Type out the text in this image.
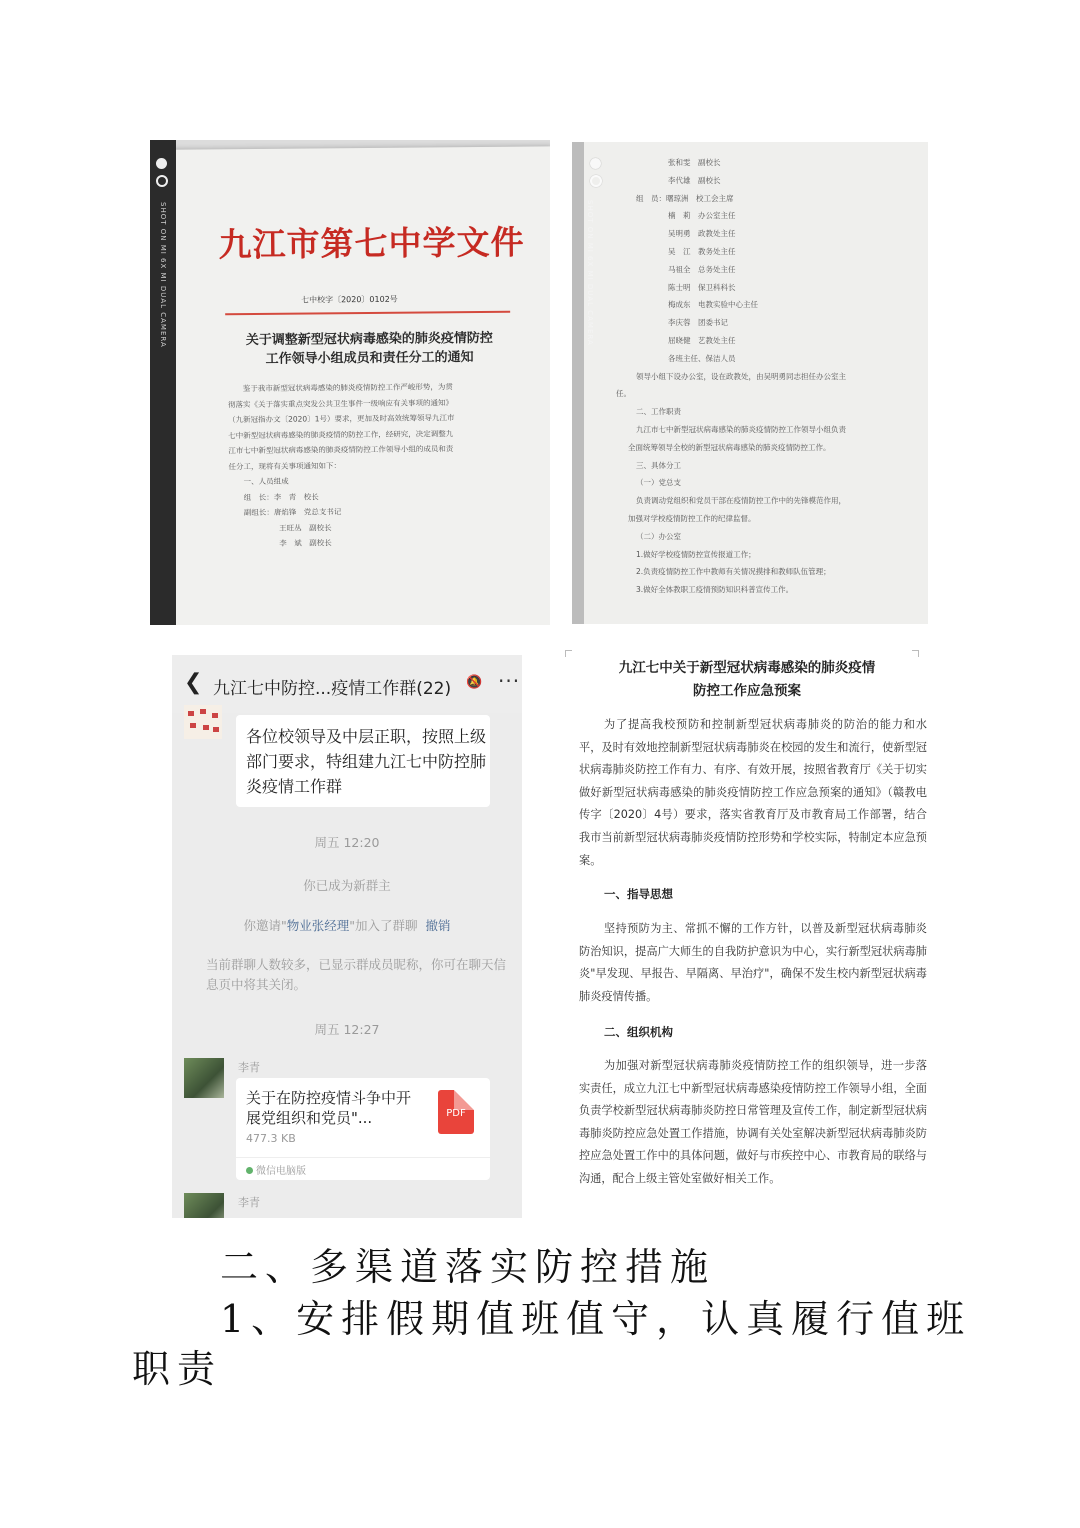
九江市第七中学文件
七中校字〔2020〕0102号
关于调整新型冠状病毒感染的肺炎疫情防控
工作领导小组成员和责任分工的通知
鉴于我市新型冠状病毒感染的肺炎疫情防控工作严峻形势，为贯
彻落实《关于落实重点突发公共卫生事件一级响应有关事项的通知》
（九新冠指办文〔2020〕1号）要求，更加及时高效统筹领导九江市
七中新型冠状病毒感染的肺炎疫情的防控工作，经研究，决定调整九
江市七中新型冠状病毒感染的肺炎疫情防控工作领导小组的成员和责
任分工，现将有关事项通知如下：
一、人员组成
组　长：李　青　校长
副组长：唐焰锋　党总支书记
王旺丛　副校长
李　斌　副校长
SHOT ON MI 6X MI DUAL CAMERA
张和雯　副校长
李代雄　副校长
组　员：曙琼洲　校工会主席
楠　莉　办公室主任
吴明勇　政教处主任
吴　江　教务处主任
马祖全　总务处主任
陈士明　保卫科科长
梅成东　电教实验中心主任
李庆蓉　团委书记
屈晓健　艺教处主任
各班主任、保洁人员
领导小组下设办公室，设在政教处，由吴明勇同志担任办公室主
任。
二、工作职责
九江市七中新型冠状病毒感染的肺炎疫情防控工作领导小组负责
全面统筹领导全校的新型冠状病毒感染的肺炎疫情防控工作。
三、具体分工
（一）党总支
负责调动党组织和党员干部在疫情防控工作中的先锋模范作用，
加强对学校疫情防控工作的纪律监督。
（二）办公室
1.做好学校疫情防控宣传报道工作；
2.负责疫情防控工作中教师有关情况摸排和教师队伍管理；
3.做好全体教职工疫情预防知识科普宣传工作。
SHOT ON MI 6X MI DUAL CAMERA
❮ 九江七中防控...疫情工作群(22) 🔕 ···
各位校领导及中层正职，按照上级部门要求，特组建九江七中防控肺炎疫情工作群
周五 12:20
你已成为新群主
你邀请"物业张经理"加入了群聊 撤销
当前群聊人数较多，已显示群成员昵称，你可在聊天信息页中将其关闭。
周五 12:27
李青
关于在防控疫情斗争中开展党组织和党员"...
477.3 KB
PDF
微信电脑版
李青
九江七中关于新型冠状病毒感染的肺炎疫情
防控工作应急预案
为了提高我校预防和控制新型冠状病毒肺炎的防治的能力和水平，及时有效地控制新型冠状病毒肺炎在校园的发生和流行，使新型冠状病毒肺炎防控工作有力、有序、有效开展，按照省教育厅《关于切实做好新型冠状病毒感染的肺炎疫情防控工作应急预案的通知》（赣教电传字〔2020〕4号）要求，落实省教育厅及市教育局工作部署，结合我市当前新型冠状病毒肺炎疫情防控形势和学校实际，特制定本应急预案。
一、指导思想
坚持预防为主、常抓不懈的工作方针，以普及新型冠状病毒肺炎防治知识，提高广大师生的自我防护意识为中心，实行新型冠状病毒肺炎"早发现、早报告、早隔离、早治疗"，确保不发生校内新型冠状病毒肺炎疫情传播。
二、组织机构
为加强对新型冠状病毒肺炎疫情防控工作的组织领导，进一步落实责任，成立九江七中新型冠状病毒感染疫情防控工作领导小组，全面负责学校新型冠状病毒肺炎防控日常管理及宣传工作，制定新型冠状病毒肺炎防控应急处置工作措施，协调有关处室解决新型冠状病毒肺炎防控应急处置工作中的具体问题，做好与市疾控中心、市教育局的联络与沟通，配合上级主管处室做好相关工作。
二、多渠道落实防控措施
1、安排假期值班值守，认真履行值班
职责
